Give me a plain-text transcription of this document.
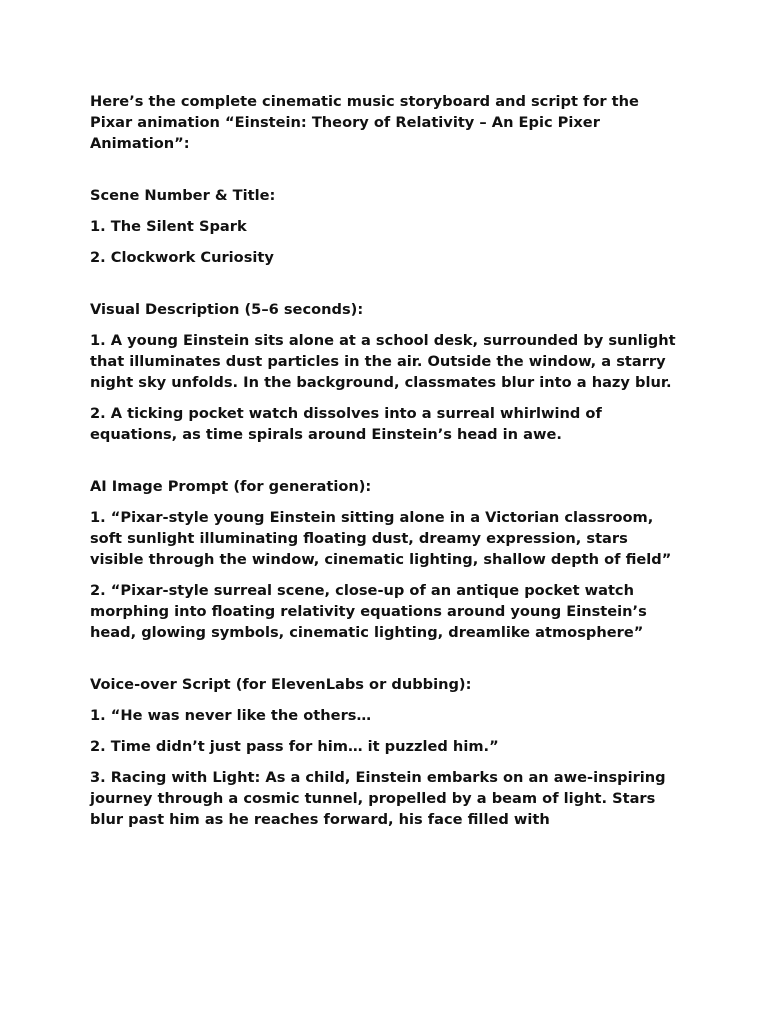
Here’s the complete cinematic music storyboard and script for the Pixar animation “Einstein: Theory of Relativity – An Epic Pixer Animation”:

Scene Number & Title:

1. The Silent Spark

2. Clockwork Curiosity

Visual Description (5–6 seconds):

1. A young Einstein sits alone at a school desk, surrounded by sunlight that illuminates dust particles in the air. Outside the window, a starry night sky unfolds. In the background, classmates blur into a hazy blur.

2. A ticking pocket watch dissolves into a surreal whirlwind of equations, as time spirals around Einstein’s head in awe.

AI Image Prompt (for generation):

1. “Pixar-style young Einstein sitting alone in a Victorian classroom, soft sunlight illuminating floating dust, dreamy expression, stars visible through the window, cinematic lighting, shallow depth of field”

2. “Pixar-style surreal scene, close-up of an antique pocket watch morphing into floating relativity equations around young Einstein’s head, glowing symbols, cinematic lighting, dreamlike atmosphere”

Voice-over Script (for ElevenLabs or dubbing):

1. “He was never like the others…

2. Time didn’t just pass for him… it puzzled him.”

3. Racing with Light: As a child, Einstein embarks on an awe-inspiring journey through a cosmic tunnel, propelled by a beam of light. Stars blur past him as he reaches forward, his face filled with
